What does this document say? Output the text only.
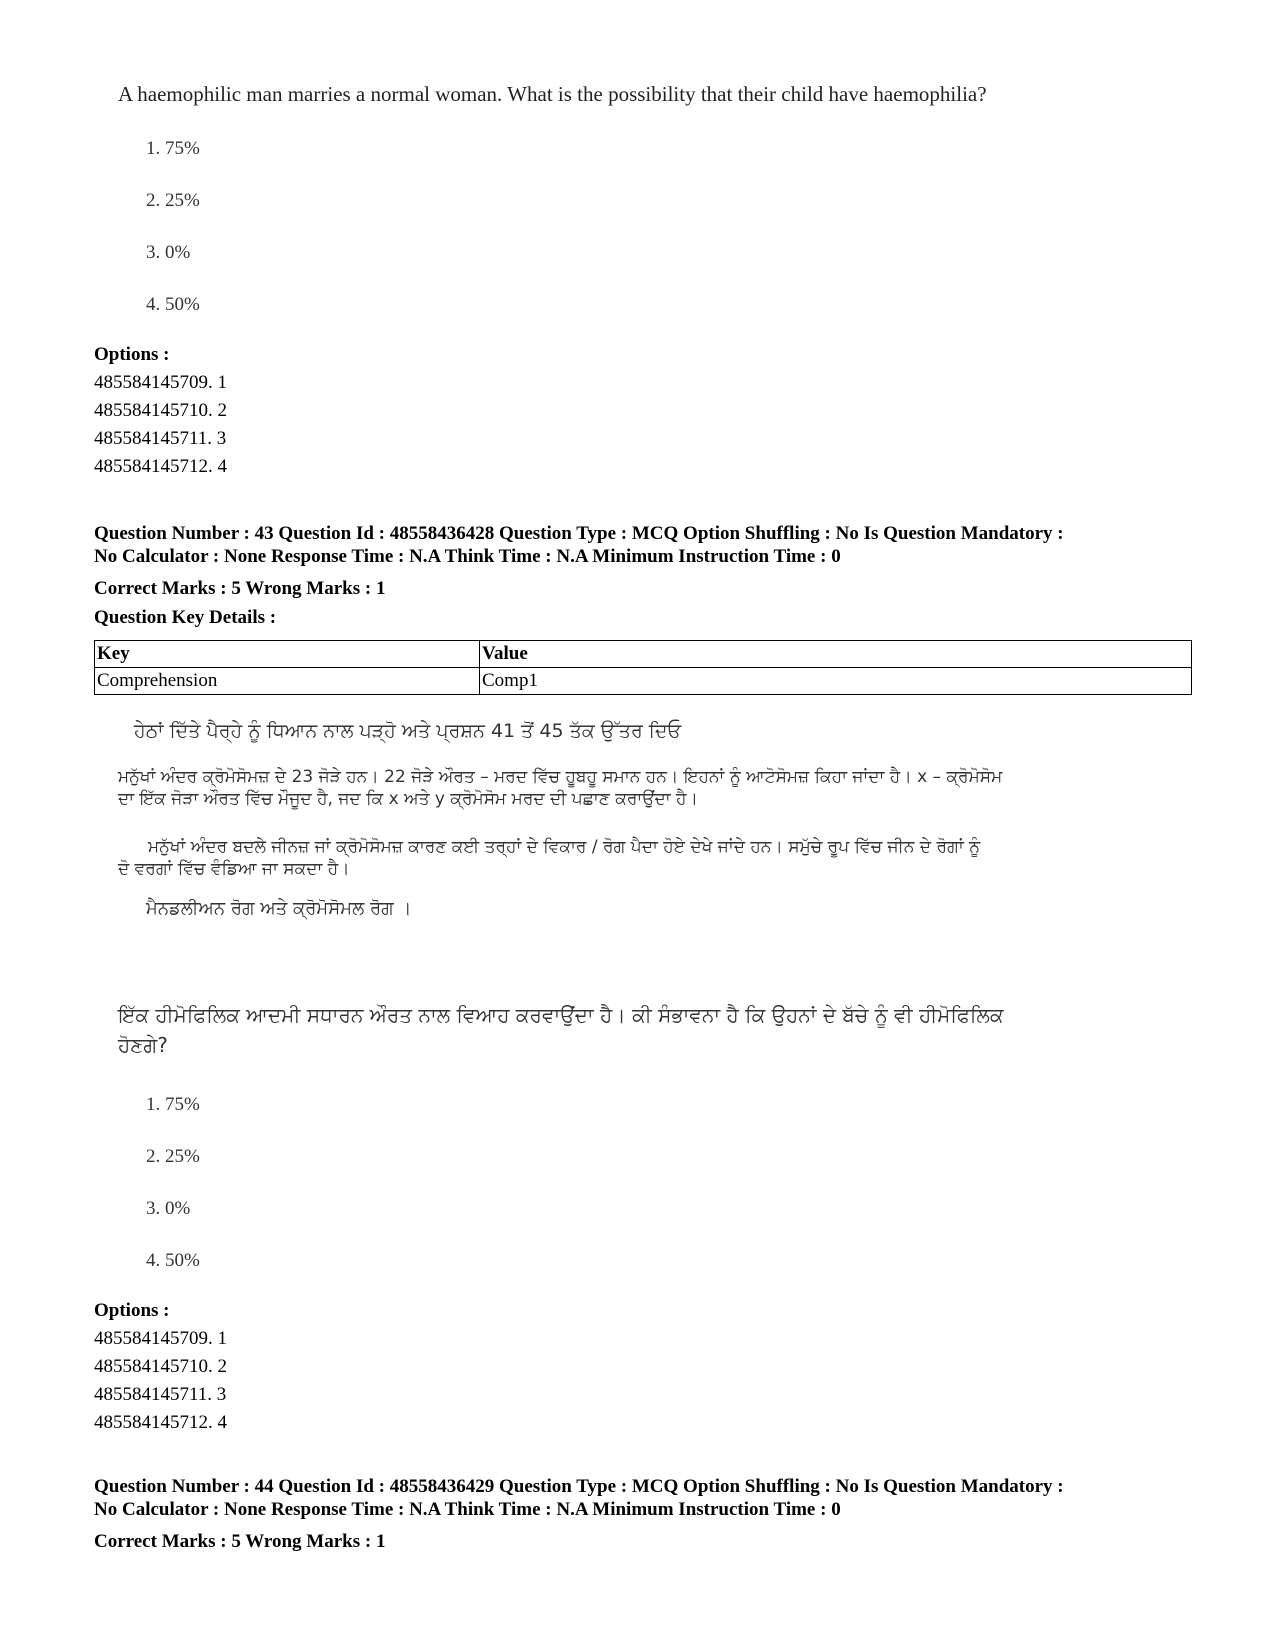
A haemophilic man marries a normal woman. What is the possibility that their child have haemophilia?
1. 75%
2. 25%
3. 0%
4. 50%
Options :
485584145709. 1
485584145710. 2
485584145711. 3
485584145712. 4
Question Number : 43 Question Id : 48558436428 Question Type : MCQ Option Shuffling : No Is Question Mandatory :
No Calculator : None Response Time : N.A Think Time : N.A Minimum Instruction Time : 0
Correct Marks : 5 Wrong Marks : 1
Question Key Details :
Key	Value
Comprehension	Comp1
ਹੇਠਾਂ ਦਿੱਤੇ ਪੈਰ੍ਹੇ ਨੂੰ ਧਿਆਨ ਨਾਲ ਪੜ੍ਹੋ ਅਤੇ ਪ੍ਰਸ਼ਨ 41 ਤੋਂ 45 ਤੱਕ ਉੱਤਰ ਦਿਓ
ਮਨੁੱਖਾਂ ਅੰਦਰ ਕ੍ਰੋਮੋਸੋਮਜ਼ ਦੇ 23 ਜੋੜੇ ਹਨ। 22 ਜੋੜੇ ਔਰਤ – ਮਰਦ ਵਿੱਚ ਹੂਬਹੂ ਸਮਾਨ ਹਨ। ਇਹਨਾਂ ਨੂੰ ਆਟੋਸੋਮਜ਼ ਕਿਹਾ ਜਾਂਦਾ ਹੈ। x – ਕ੍ਰੋਮੋਸੋਮ
ਦਾ ਇੱਕ ਜੋੜਾ ਔਰਤ ਵਿੱਚ ਮੌਜੂਦ ਹੈ, ਜਦ ਕਿ x ਅਤੇ y ਕ੍ਰੋਮੋਸੋਮ ਮਰਦ ਦੀ ਪਛਾਣ ਕਰਾਉਂਦਾ ਹੈ।
ਮਨੁੱਖਾਂ ਅੰਦਰ ਬਦਲੇ ਜੀਨਜ਼ ਜਾਂ ਕ੍ਰੋਮੋਸੋਮਜ਼ ਕਾਰਣ ਕਈ ਤਰ੍ਹਾਂ ਦੇ ਵਿਕਾਰ / ਰੋਗ ਪੈਦਾ ਹੋਏ ਦੇਖੇ ਜਾਂਦੇ ਹਨ। ਸਮੁੱਚੇ ਰੂਪ ਵਿੱਚ ਜੀਨ ਦੇ ਰੋਗਾਂ ਨੂੰ
ਦੋ ਵਰਗਾਂ ਵਿੱਚ ਵੰਡਿਆ ਜਾ ਸਕਦਾ ਹੈ।
ਮੈਨਡਲੀਅਨ ਰੋਗ ਅਤੇ ਕ੍ਰੋਮੋਸੋਮਲ ਰੋਗ ।
ਇੱਕ ਹੀਮੋਫਿਲਿਕ ਆਦਮੀ ਸਧਾਰਨ ਔਰਤ ਨਾਲ ਵਿਆਹ ਕਰਵਾਉਂਦਾ ਹੈ। ਕੀ ਸੰਭਾਵਨਾ ਹੈ ਕਿ ਉਹਨਾਂ ਦੇ ਬੱਚੇ ਨੂੰ ਵੀ ਹੀਮੋਫਿਲਿਕ
ਹੋਣਗੇ?
1. 75%
2. 25%
3. 0%
4. 50%
Options :
485584145709. 1
485584145710. 2
485584145711. 3
485584145712. 4
Question Number : 44 Question Id : 48558436429 Question Type : MCQ Option Shuffling : No Is Question Mandatory :
No Calculator : None Response Time : N.A Think Time : N.A Minimum Instruction Time : 0
Correct Marks : 5 Wrong Marks : 1
